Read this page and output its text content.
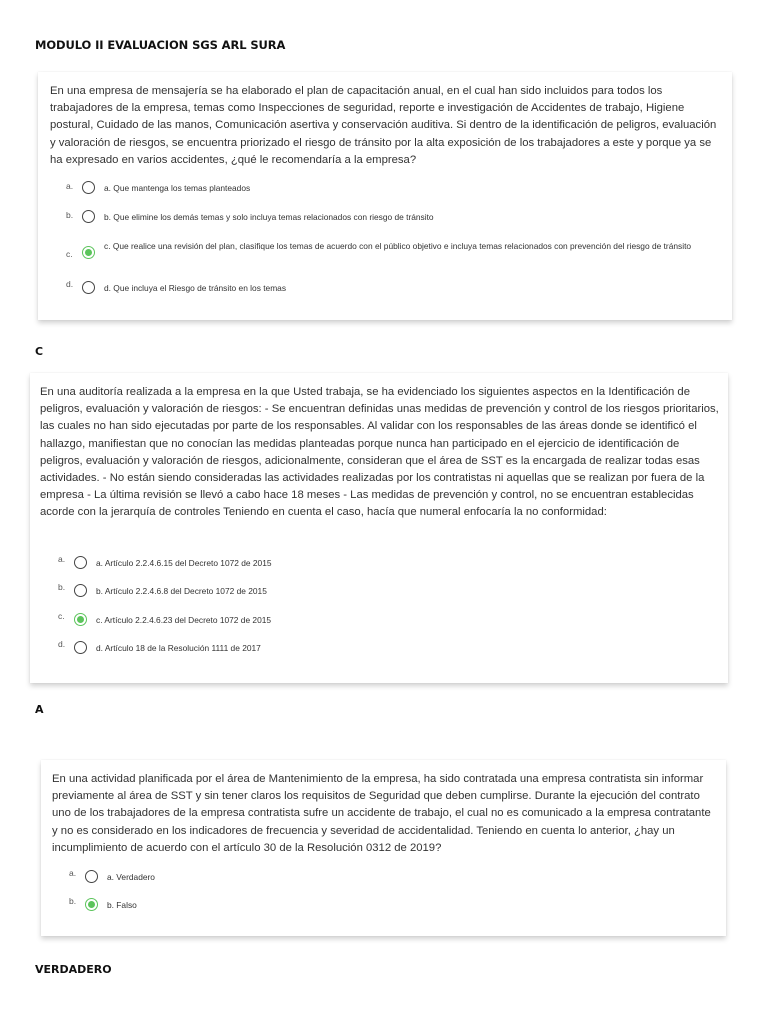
MODULO II EVALUACION SGS ARL SURA

En una empresa de mensajería se ha elaborado el plan de capacitación anual, en el cual han sido incluidos para todos los trabajadores de la empresa, temas como Inspecciones de seguridad, reporte e investigación de Accidentes de trabajo, Higiene postural, Cuidado de las manos, Comunicación asertiva y conservación auditiva. Si dentro de la identificación de peligros, evaluación y valoración de riesgos, se encuentra priorizado el riesgo de tránsito por la alta exposición de los trabajadores a este y porque ya se ha expresado en varios accidentes, ¿qué le recomendaría a la empresa?

a.	a. Que mantenga los temas planteados
b.	b. Que elimine los demás temas y solo incluya temas relacionados con riesgo de tránsito
c.
c. Que realice una revisión del plan, clasifique los temas de acuerdo con el público objetivo e incluya temas relacionados con prevención del riesgo de tránsito
d.	d. Que incluya el Riesgo de tránsito en los temas
C

En una auditoría realizada a la empresa en la que Usted trabaja, se ha evidenciado los siguientes aspectos en la Identificación de peligros, evaluación y valoración de riesgos: - Se encuentran definidas unas medidas de prevención y control de los riesgos prioritarios, las cuales no han sido ejecutadas por parte de los responsables. Al validar con los responsables de las áreas donde se identificó el hallazgo, manifiestan que no conocían las medidas planteadas porque nunca han participado en el ejercicio de identificación de peligros, evaluación y valoración de riesgos, adicionalmente, consideran que el área de SST es la encargada de realizar todas esas actividades. - No están siendo consideradas las actividades realizadas por los contratistas ni aquellas que se realizan por fuera de la empresa - La última revisión se llevó a cabo hace 18 meses - Las medidas de prevención y control, no se encuentran establecidas acorde con la jerarquía de controles Teniendo en cuenta el caso, hacía que numeral enfocaría la no conformidad:

a.	a. Artículo 2.2.4.6.15 del Decreto 1072 de 2015
b.	b. Artículo 2.2.4.6.8 del Decreto 1072 de 2015
c.	c. Artículo 2.2.4.6.23 del Decreto 1072 de 2015
d.	d. Artículo 18 de la Resolución 1111 de 2017
A

En una actividad planificada por el área de Mantenimiento de la empresa, ha sido contratada una empresa contratista sin informar previamente al área de SST y sin tener claros los requisitos de Seguridad que deben cumplirse. Durante la ejecución del contrato uno de los trabajadores de la empresa contratista sufre un accidente de trabajo, el cual no es comunicado a la empresa contratante y no es considerado en los indicadores de frecuencia y severidad de accidentalidad. Teniendo en cuenta lo anterior, ¿hay un incumplimiento de acuerdo con el artículo 30 de la Resolución 0312 de 2019?

a.	a. Verdadero
b.	b. Falso
VERDADERO
